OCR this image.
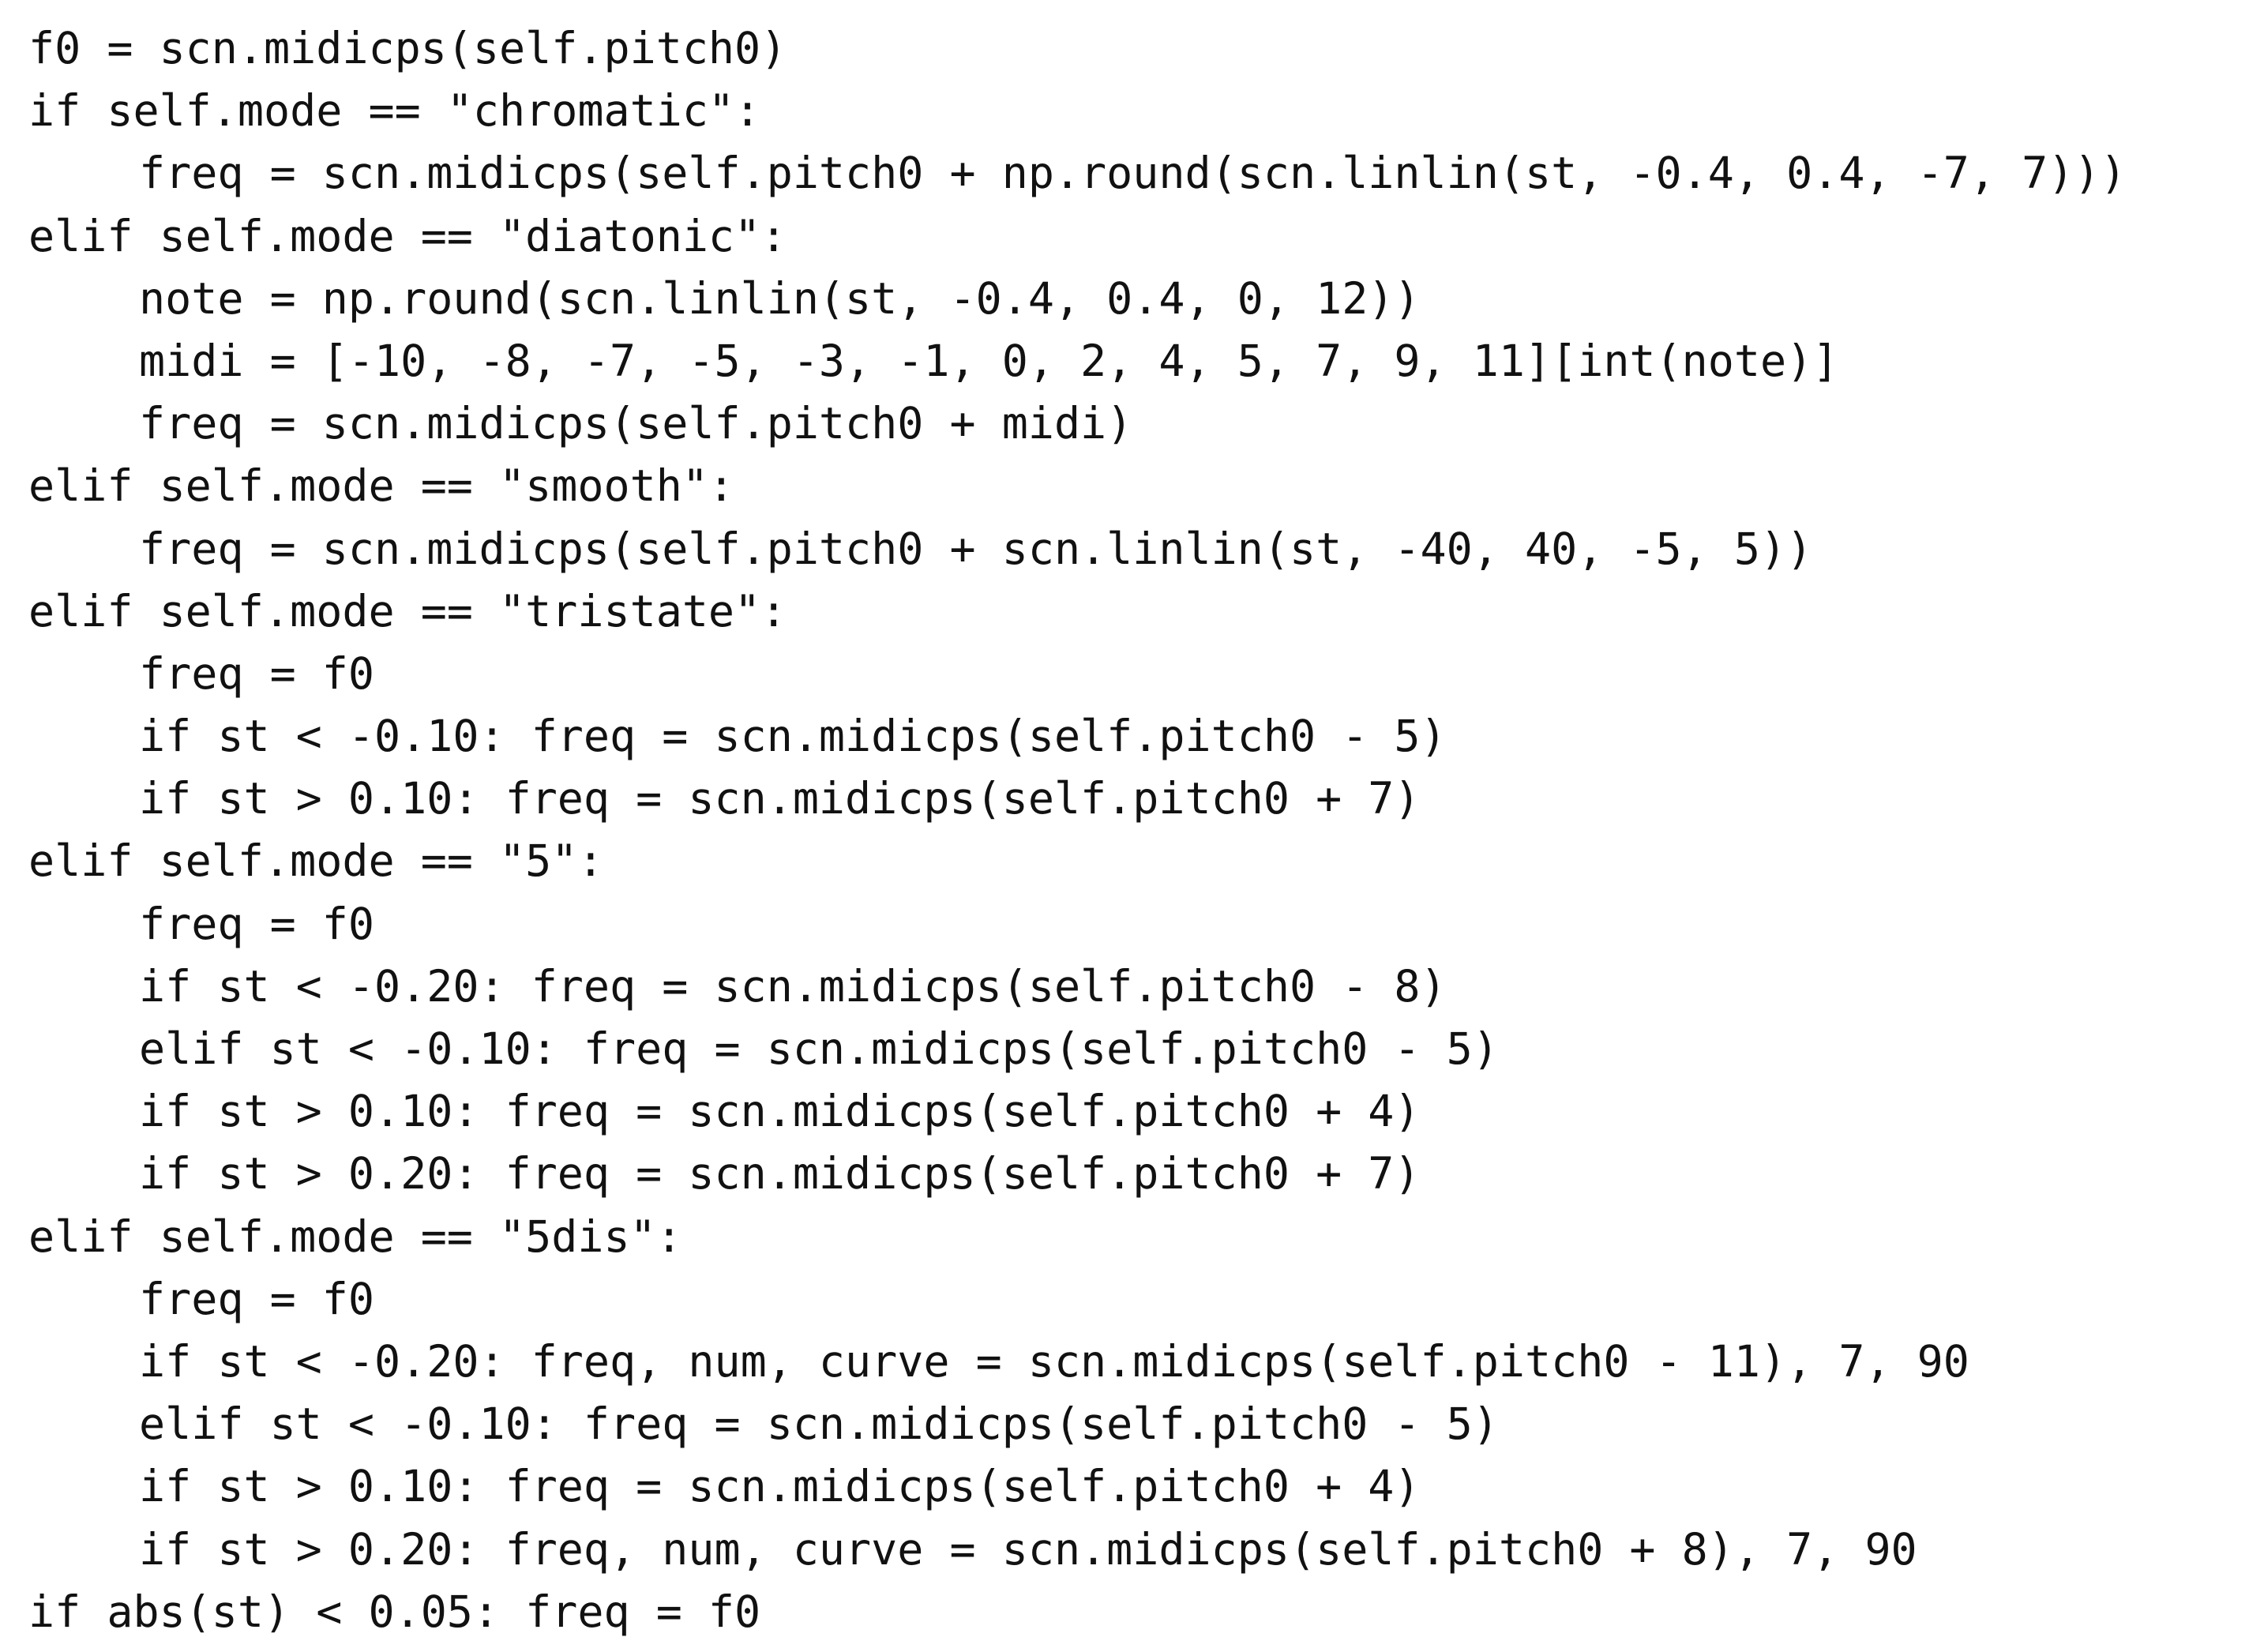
f0 = scn.midicps(self.pitch0)
if self.mode == "chromatic":
freq = scn.midicps(self.pitch0 + np.round(scn.linlin(st, -0.4, 0.4, -7, 7)))
elif self.mode == "diatonic":
note = np.round(scn.linlin(st, -0.4, 0.4, 0, 12))
midi = [-10, -8, -7, -5, -3, -1, 0, 2, 4, 5, 7, 9, 11][int(note)]
freq = scn.midicps(self.pitch0 + midi)
elif self.mode == "smooth":
freq = scn.midicps(self.pitch0 + scn.linlin(st, -40, 40, -5, 5))
elif self.mode == "tristate":
freq = f0
if st < -0.10: freq = scn.midicps(self.pitch0 - 5)
if st > 0.10: freq = scn.midicps(self.pitch0 + 7)
elif self.mode == "5":
freq = f0
if st < -0.20: freq = scn.midicps(self.pitch0 - 8)
elif st < -0.10: freq = scn.midicps(self.pitch0 - 5)
if st > 0.10: freq = scn.midicps(self.pitch0 + 4)
if st > 0.20: freq = scn.midicps(self.pitch0 + 7)
elif self.mode == "5dis":
freq = f0
if st < -0.20: freq, num, curve = scn.midicps(self.pitch0 - 11), 7, 90
elif st < -0.10: freq = scn.midicps(self.pitch0 - 5)
if st > 0.10: freq = scn.midicps(self.pitch0 + 4)
if st > 0.20: freq, num, curve = scn.midicps(self.pitch0 + 8), 7, 90
if abs(st) < 0.05: freq = f0
